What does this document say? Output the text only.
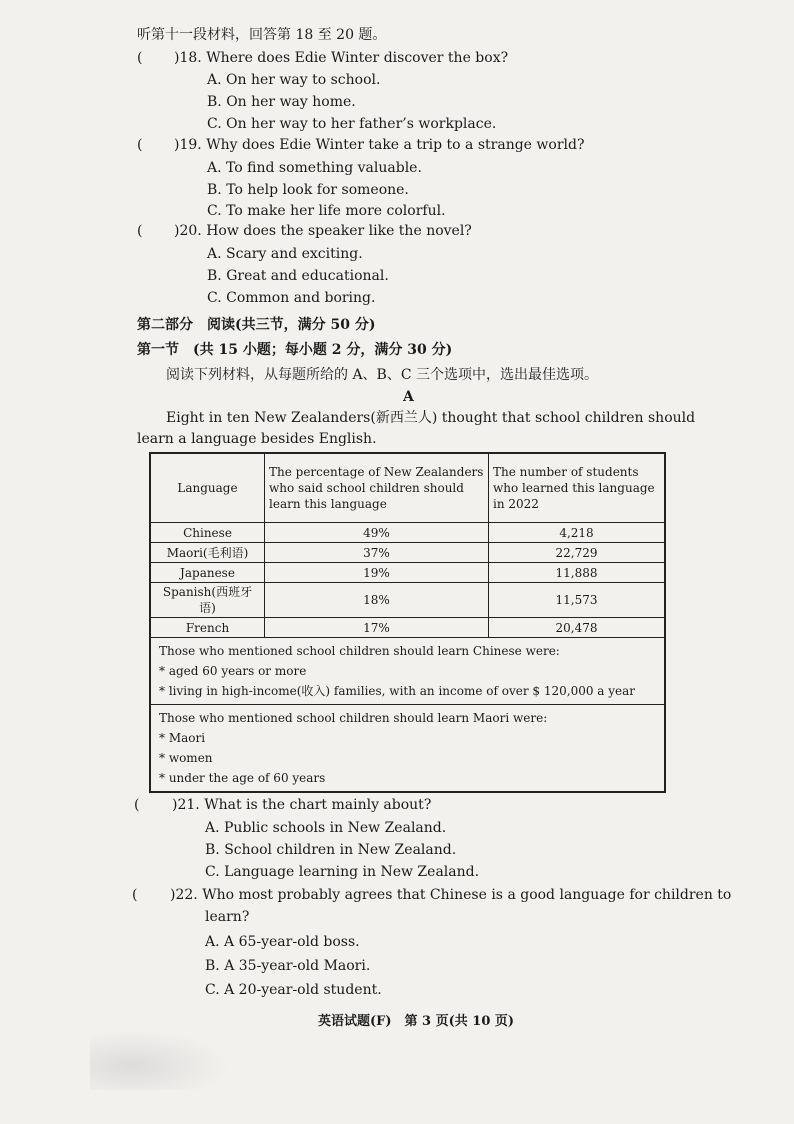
听第十一段材料，回答第 18 至 20 题。
( )18. Where does Edie Winter discover the box?
A. On her way to school.
B. On her way home.
C. On her way to her father’s workplace.
( )19. Why does Edie Winter take a trip to a strange world?
A. To find something valuable.
B. To help look for someone.
C. To make her life more colorful.
( )20. How does the speaker like the novel?
A. Scary and exciting.
B. Great and educational.
C. Common and boring.
第二部分　阅读(共三节，满分 50 分)
第一节　(共 15 小题；每小题 2 分，满分 30 分)
阅读下列材料，从每题所给的 A、B、C 三个选项中，选出最佳选项。
A
Eight in ten New Zealanders(新西兰人) thought that school children should
learn a language besides English.
Language	The percentage of New Zealanders who said school children should learn this language	The number of students who learned this language in 2022
Chinese	49%	4,218
Maori(毛利语)	37%	22,729
Japanese	19%	11,888
Spanish(西班牙语)	18%	11,573
French	17%	20,478

Those who mentioned school children should learn Chinese were:
* aged 60 years or more
* living in high-income(收入) families, with an income of over $ 120,000 a year		

Those who mentioned school children should learn Maori were:
* Maori
* women
* under the age of 60 years		
( )21. What is the chart mainly about?
A. Public schools in New Zealand.
B. School children in New Zealand.
C. Language learning in New Zealand.
( )22. Who most probably agrees that Chinese is a good language for children to
learn?
A. A 65-year-old boss.
B. A 35-year-old Maori.
C. A 20-year-old student.
英语试题(F)　第 3 页(共 10 页)
